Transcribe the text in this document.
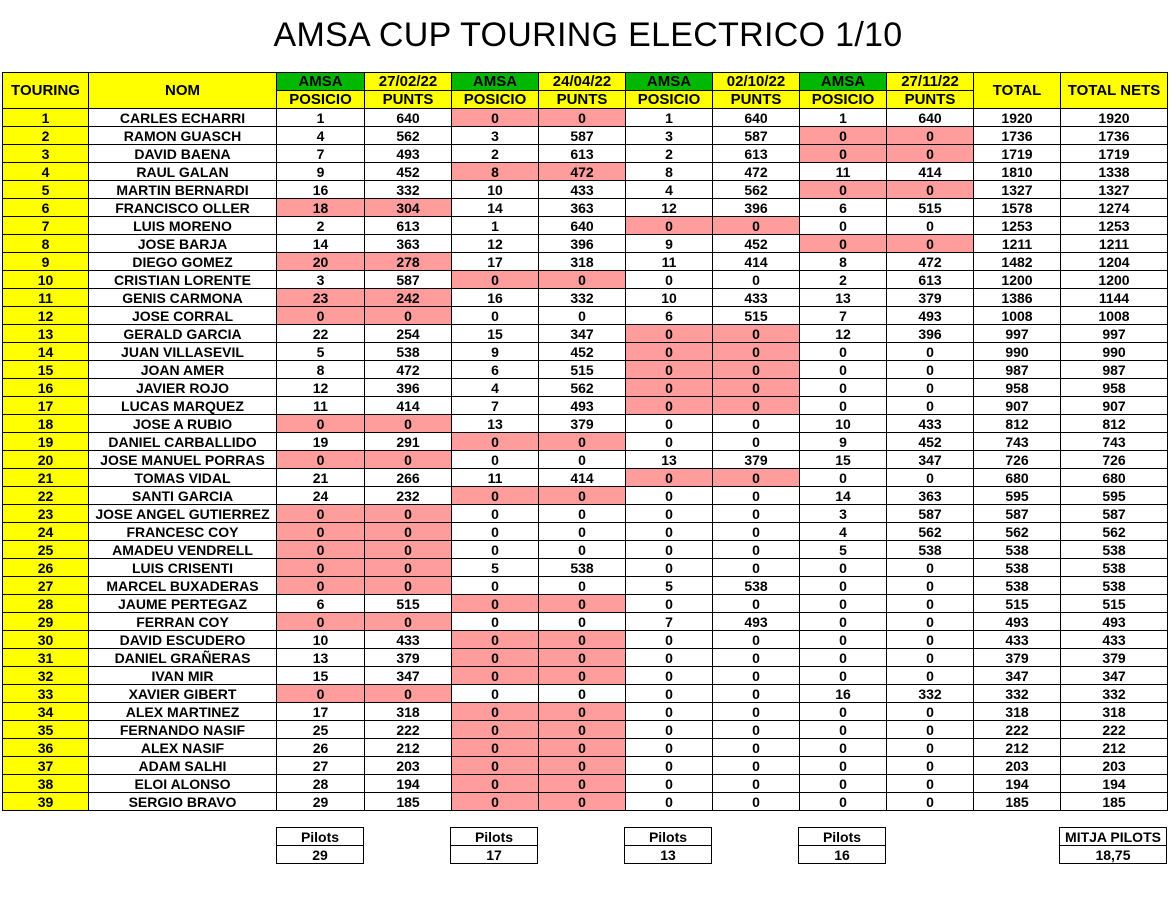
AMSA CUP TOURING ELECTRICO 1/10
TOURING	NOM	AMSA	27/02/22	AMSA	24/04/22	AMSA	02/10/22	AMSA	27/11/22	TOTAL	TOTAL NETS
		POSICIO	PUNTS	POSICIO	PUNTS	POSICIO	PUNTS	POSICIO	PUNTS		
1	CARLES ECHARRI	1	640	0	0	1	640	1	640	1920	1920
2	RAMON GUASCH	4	562	3	587	3	587	0	0	1736	1736
3	DAVID BAENA	7	493	2	613	2	613	0	0	1719	1719
4	RAUL GALAN	9	452	8	472	8	472	11	414	1810	1338
5	MARTIN BERNARDI	16	332	10	433	4	562	0	0	1327	1327
6	FRANCISCO OLLER	18	304	14	363	12	396	6	515	1578	1274
7	LUIS MORENO	2	613	1	640	0	0	0	0	1253	1253
8	JOSE BARJA	14	363	12	396	9	452	0	0	1211	1211
9	DIEGO GOMEZ	20	278	17	318	11	414	8	472	1482	1204
10	CRISTIAN LORENTE	3	587	0	0	0	0	2	613	1200	1200
11	GENIS CARMONA	23	242	16	332	10	433	13	379	1386	1144
12	JOSE CORRAL	0	0	0	0	6	515	7	493	1008	1008
13	GERALD GARCIA	22	254	15	347	0	0	12	396	997	997
14	JUAN VILLASEVIL	5	538	9	452	0	0	0	0	990	990
15	JOAN AMER	8	472	6	515	0	0	0	0	987	987
16	JAVIER ROJO	12	396	4	562	0	0	0	0	958	958
17	LUCAS MARQUEZ	11	414	7	493	0	0	0	0	907	907
18	JOSE A RUBIO	0	0	13	379	0	0	10	433	812	812
19	DANIEL CARBALLIDO	19	291	0	0	0	0	9	452	743	743
20	JOSE MANUEL PORRAS	0	0	0	0	13	379	15	347	726	726
21	TOMAS VIDAL	21	266	11	414	0	0	0	0	680	680
22	SANTI GARCIA	24	232	0	0	0	0	14	363	595	595
23	JOSE ANGEL GUTIERREZ	0	0	0	0	0	0	3	587	587	587
24	FRANCESC COY	0	0	0	0	0	0	4	562	562	562
25	AMADEU VENDRELL	0	0	0	0	0	0	5	538	538	538
26	LUIS CRISENTI	0	0	5	538	0	0	0	0	538	538
27	MARCEL BUXADERAS	0	0	0	0	5	538	0	0	538	538
28	JAUME PERTEGAZ	6	515	0	0	0	0	0	0	515	515
29	FERRAN COY	0	0	0	0	7	493	0	0	493	493
30	DAVID ESCUDERO	10	433	0	0	0	0	0	0	433	433
31	DANIEL GRAÑERAS	13	379	0	0	0	0	0	0	379	379
32	IVAN MIR	15	347	0	0	0	0	0	0	347	347
33	XAVIER GIBERT	0	0	0	0	0	0	16	332	332	332
34	ALEX MARTINEZ	17	318	0	0	0	0	0	0	318	318
35	FERNANDO NASIF	25	222	0	0	0	0	0	0	222	222
36	ALEX NASIF	26	212	0	0	0	0	0	0	212	212
37	ADAM SALHI	27	203	0	0	0	0	0	0	203	203
38	ELOI ALONSO	28	194	0	0	0	0	0	0	194	194
39	SERGIO BRAVO	29	185	0	0	0	0	0	0	185	185
Pilots
29
Pilots
17
Pilots
13
Pilots
16
MITJA PILOTS
18,75
